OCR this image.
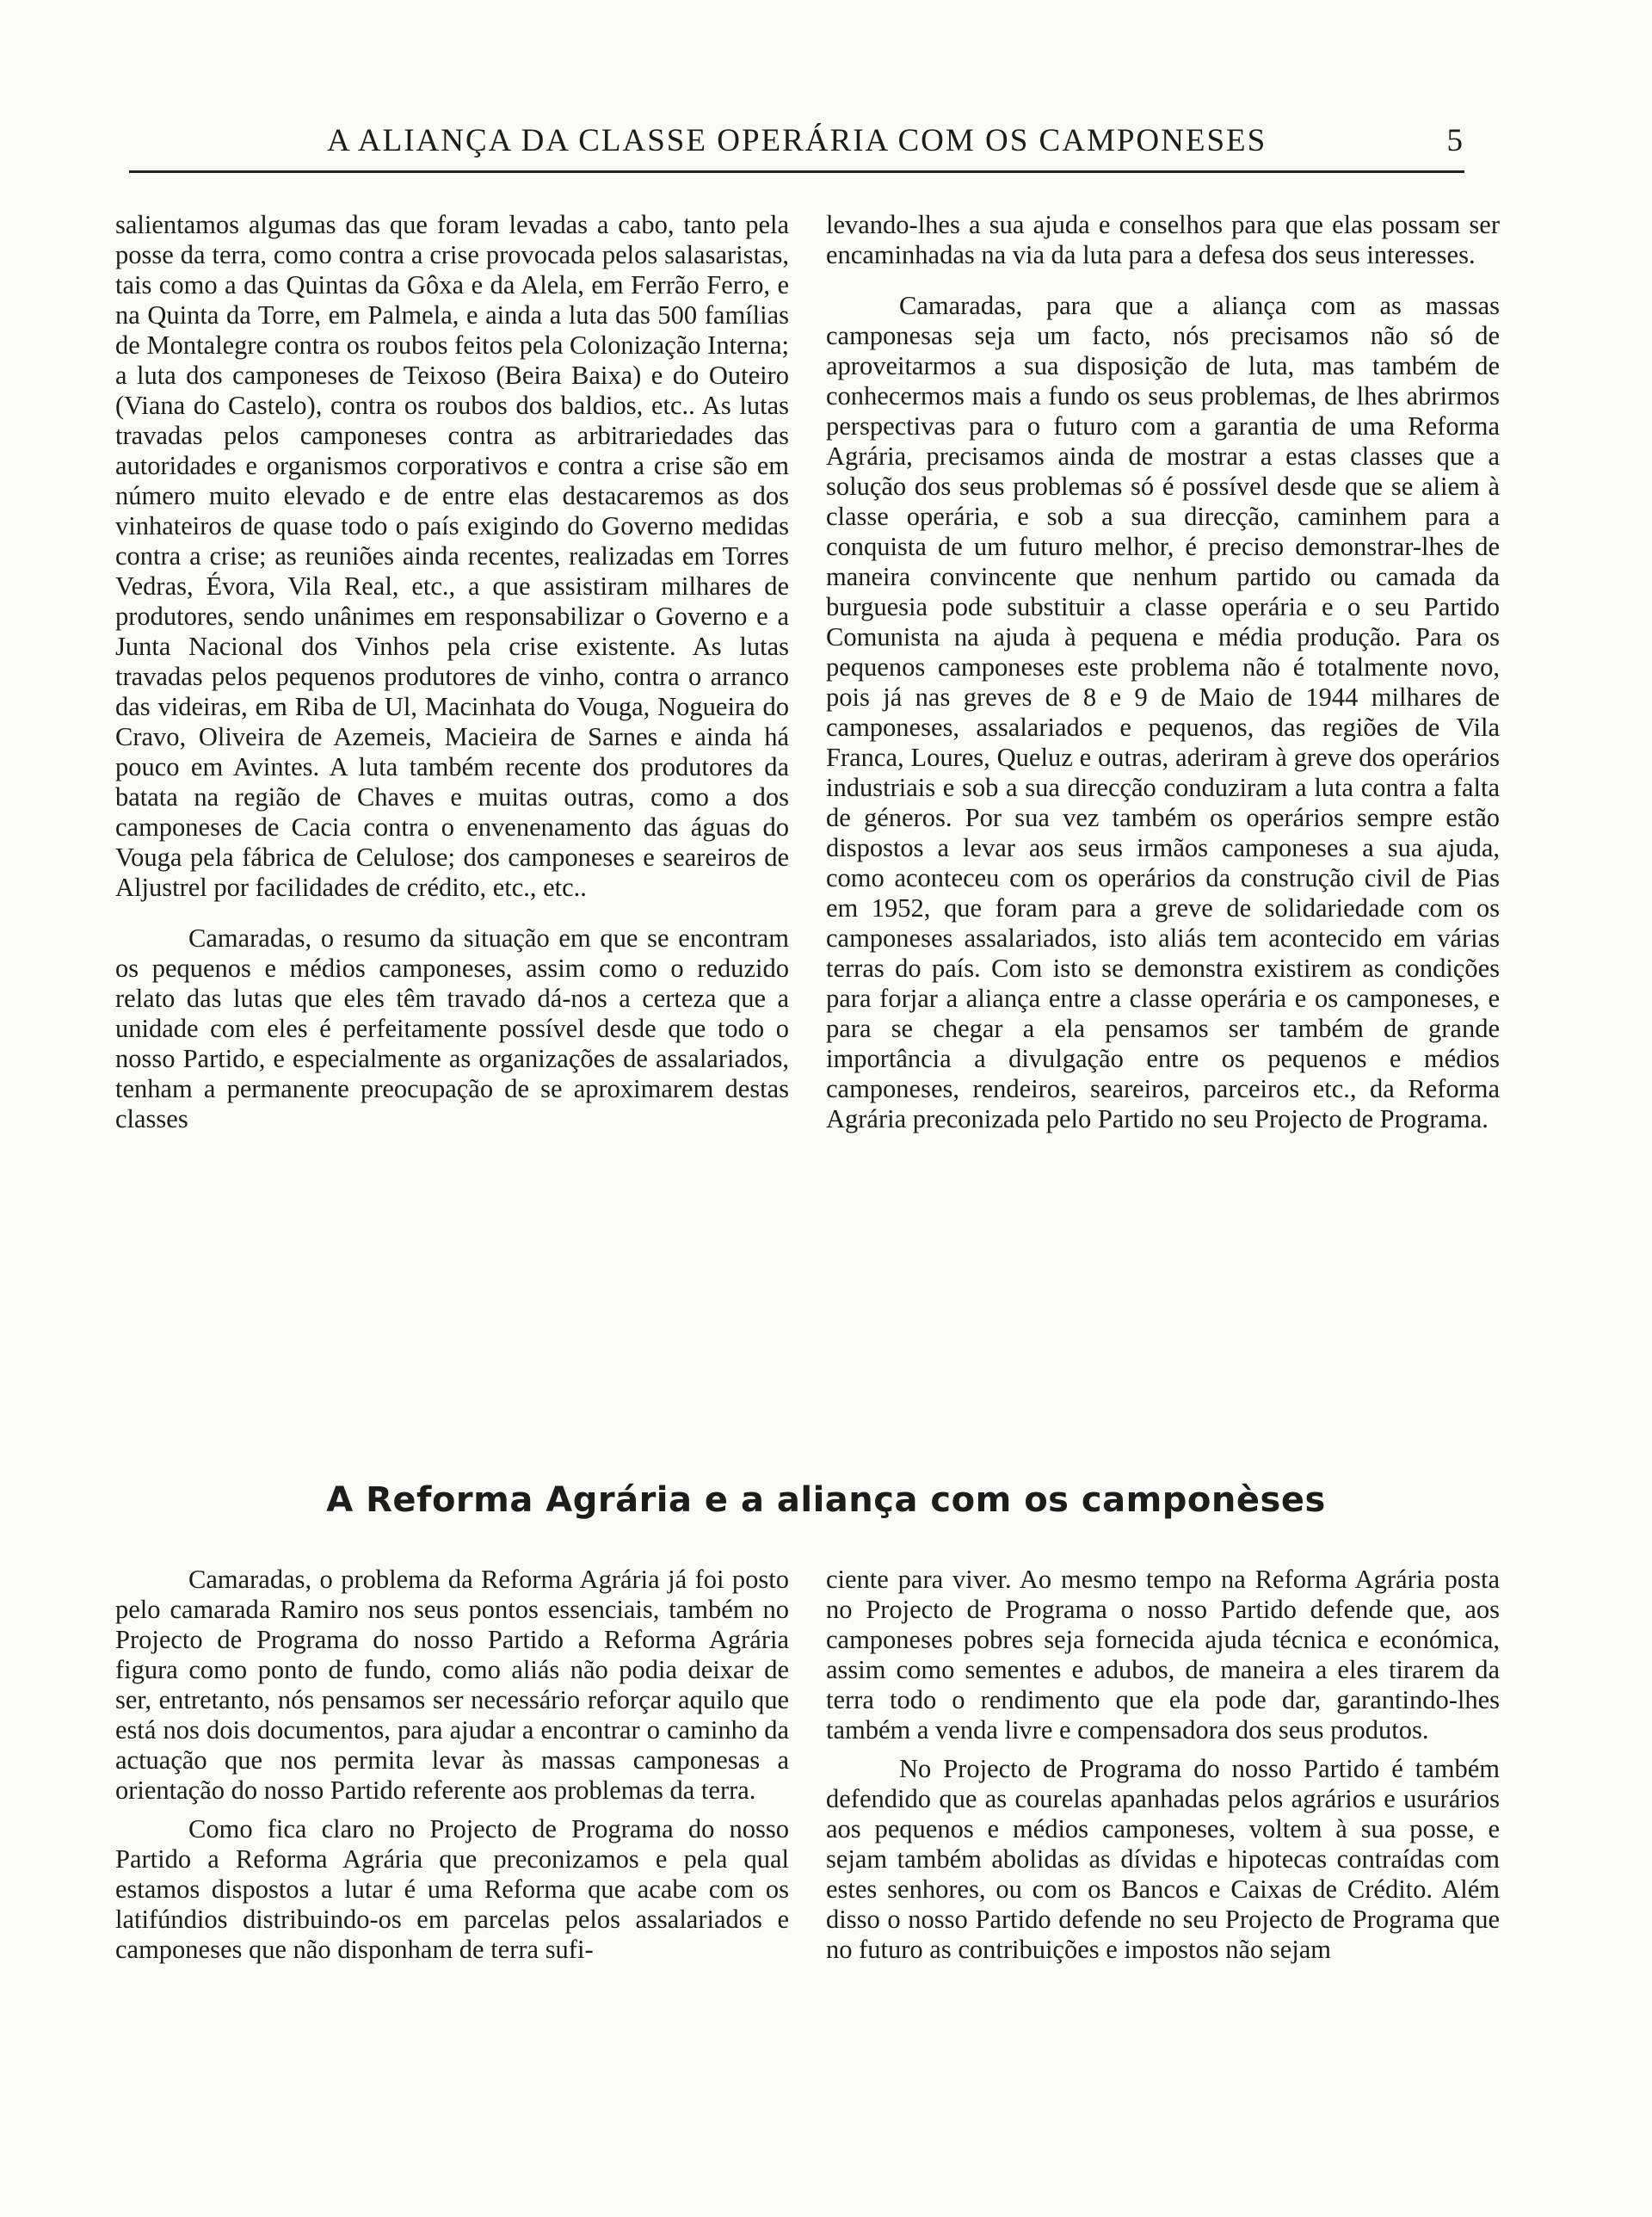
A ALIANÇA DA CLASSE OPERÁRIA COM OS CAMPONESES	5

salientamos algumas das que foram levadas a cabo, tanto pela posse da terra, como contra a crise provocada pelos salasaristas, tais como a das Quintas da Gôxa e da Alela, em Ferrão Ferro, e na Quinta da Torre, em Palmela, e ainda a luta das 500 famílias de Montalegre contra os roubos feitos pela Colonização Interna; a luta dos camponeses de Teixoso (Beira Baixa) e do Outeiro (Viana do Castelo), contra os roubos dos baldios, etc.. As lutas travadas pelos camponeses contra as arbitrariedades das autoridades e organismos corporativos e contra a crise são em número muito elevado e de entre elas destacaremos as dos vinhateiros de quase todo o país exigindo do Governo medidas contra a crise; as reuniões ainda recentes, realizadas em Torres Vedras, Évora, Vila Real, etc., a que assistiram milhares de produtores, sendo unânimes em responsabilizar o Governo e a Junta Nacional dos Vinhos pela crise existente. As lutas travadas pelos pequenos produtores de vinho, contra o arranco das videiras, em Riba de Ul, Macinhata do Vouga, Nogueira do Cravo, Oliveira de Azemeis, Macieira de Sarnes e ainda há pouco em Avintes. A luta também recente dos produtores da batata na região de Chaves e muitas outras, como a dos camponeses de Cacia contra o envenenamento das águas do Vouga pela fábrica de Celulose; dos camponeses e seareiros de Aljustrel por facilidades de crédito, etc., etc..

Camaradas, o resumo da situação em que se encontram os pequenos e médios camponeses, assim como o reduzido relato das lutas que eles têm travado dá-nos a certeza que a unidade com eles é perfeitamente possível desde que todo o nosso Partido, e especialmente as organizações de assalariados, tenham a permanente preocupação de se aproximarem destas classes

levando-lhes a sua ajuda e conselhos para que elas possam ser encaminhadas na via da luta para a defesa dos seus interesses.

Camaradas, para que a aliança com as massas camponesas seja um facto, nós precisamos não só de aproveitarmos a sua disposição de luta, mas também de conhecermos mais a fundo os seus problemas, de lhes abrirmos perspectivas para o futuro com a garantia de uma Reforma Agrária, precisamos ainda de mostrar a estas classes que a solução dos seus problemas só é possível desde que se aliem à classe operária, e sob a sua direcção, caminhem para a conquista de um futuro melhor, é preciso demonstrar-lhes de maneira convincente que nenhum partido ou camada da burguesia pode substituir a classe operária e o seu Partido Comunista na ajuda à pequena e média produção. Para os pequenos camponeses este problema não é totalmente novo, pois já nas greves de 8 e 9 de Maio de 1944 milhares de camponeses, assalariados e pequenos, das regiões de Vila Franca, Loures, Queluz e outras, aderiram à greve dos operários industriais e sob a sua direcção conduziram a luta contra a falta de géneros. Por sua vez também os operários sempre estão dispostos a levar aos seus irmãos camponeses a sua ajuda, como aconteceu com os operários da construção civil de Pias em 1952, que foram para a greve de solidariedade com os camponeses assalariados, isto aliás tem acontecido em várias terras do país. Com isto se demonstra existirem as condições para forjar a aliança entre a classe operária e os camponeses, e para se chegar a ela pensamos ser também de grande importância a divulgação entre os pequenos e médios camponeses, rendeiros, seareiros, parceiros etc., da Reforma Agrária preconizada pelo Partido no seu Projecto de Programa.

A Reforma Agrária e a aliança com os camponèses

Camaradas, o problema da Reforma Agrária já foi posto pelo camarada Ramiro nos seus pontos essenciais, também no Projecto de Programa do nosso Partido a Reforma Agrária figura como ponto de fundo, como aliás não podia deixar de ser, entretanto, nós pensamos ser necessário reforçar aquilo que está nos dois documentos, para ajudar a encontrar o caminho da actuação que nos permita levar às massas camponesas a orientação do nosso Partido referente aos problemas da terra.

Como fica claro no Projecto de Programa do nosso Partido a Reforma Agrária que preconizamos e pela qual estamos dispostos a lutar é uma Reforma que acabe com os latifúndios distribuindo-os em parcelas pelos assalariados e camponeses que não disponham de terra sufi-

ciente para viver. Ao mesmo tempo na Reforma Agrária posta no Projecto de Programa o nosso Partido defende que, aos camponeses pobres seja fornecida ajuda técnica e económica, assim como sementes e adubos, de maneira a eles tirarem da terra todo o rendimento que ela pode dar, garantindo-lhes também a venda livre e compensadora dos seus produtos.

No Projecto de Programa do nosso Partido é também defendido que as courelas apanhadas pelos agrários e usurários aos pequenos e médios camponeses, voltem à sua posse, e sejam também abolidas as dívidas e hipotecas contraídas com estes senhores, ou com os Bancos e Caixas de Crédito. Além disso o nosso Partido defende no seu Projecto de Programa que no futuro as contribuições e impostos não sejam
